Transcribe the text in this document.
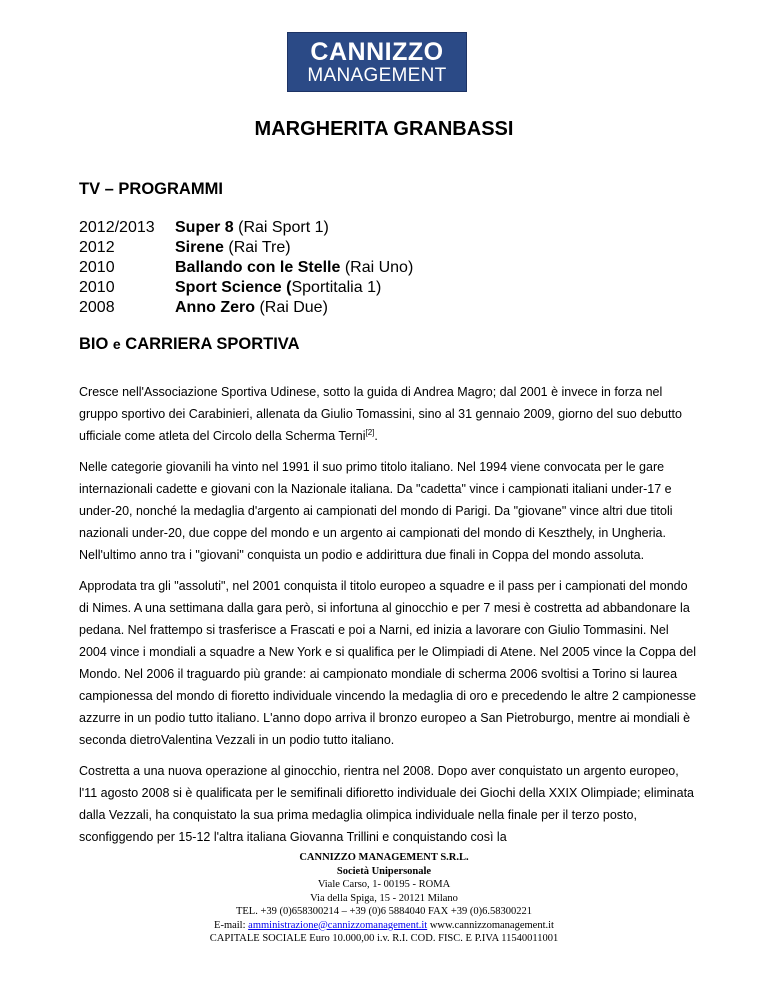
CANNIZZO
MANAGEMENT
MARGHERITA GRANBASSI
TV – PROGRAMMI
2012/2013	Super 8 (Rai Sport 1)
2012	Sirene (Rai Tre)
2010	Ballando con le Stelle (Rai Uno)
2010	Sport Science (Sportitalia 1)
2008	Anno Zero (Rai Due)
BIO e CARRIERA SPORTIVA

Cresce nell'Associazione Sportiva Udinese, sotto la guida di Andrea Magro; dal 2001 è invece in forza nel gruppo sportivo dei Carabinieri, allenata da Giulio Tomassini, sino al 31 gennaio 2009, giorno del suo debutto ufficiale come atleta del Circolo della Scherma Terni[2].

Nelle categorie giovanili ha vinto nel 1991 il suo primo titolo italiano. Nel 1994 viene convocata per le gare internazionali cadette e giovani con la Nazionale italiana. Da "cadetta" vince i campionati italiani under-17 e under-20, nonché la medaglia d'argento ai campionati del mondo di Parigi. Da "giovane" vince altri due titoli nazionali under-20, due coppe del mondo e un argento ai campionati del mondo di Keszthely, in Ungheria. Nell'ultimo anno tra i "giovani" conquista un podio e addirittura due finali in Coppa del mondo assoluta.

Approdata tra gli "assoluti", nel 2001 conquista il titolo europeo a squadre e il pass per i campionati del mondo di Nimes. A una settimana dalla gara però, si infortuna al ginocchio e per 7 mesi è costretta ad abbandonare la pedana. Nel frattempo si trasferisce a Frascati e poi a Narni, ed inizia a lavorare con Giulio Tommasini. Nel 2004 vince i mondiali a squadre a New York e si qualifica per le Olimpiadi di Atene. Nel 2005 vince la Coppa del Mondo. Nel 2006 il traguardo più grande: ai campionato mondiale di scherma 2006 svoltisi a Torino si laurea campionessa del mondo di fioretto individuale vincendo la medaglia di oro e precedendo le altre 2 campionesse azzurre in un podio tutto italiano. L'anno dopo arriva il bronzo europeo a San Pietroburgo, mentre ai mondiali è seconda dietroValentina Vezzali in un podio tutto italiano.

Costretta a una nuova operazione al ginocchio, rientra nel 2008. Dopo aver conquistato un argento europeo, l'11 agosto 2008 si è qualificata per le semifinali difioretto individuale dei Giochi della XXIX Olimpiade; eliminata dalla Vezzali, ha conquistato la sua prima medaglia olimpica individuale nella finale per il terzo posto, sconfiggendo per 15-12 l'altra italiana Giovanna Trillini e conquistando così la

CANNIZZO MANAGEMENT S.R.L.
Società Unipersonale
Viale Carso, 1- 00195 - ROMA
Via della Spiga, 15 - 20121 Milano
TEL. +39 (0)658300214 – +39 (0)6 5884040 FAX +39 (0)6.58300221
E-mail: amministrazione@cannizzomanagement.it www.cannizzomanagement.it
CAPITALE SOCIALE Euro 10.000,00 i.v. R.I. COD. FISC. E P.IVA 11540011001
